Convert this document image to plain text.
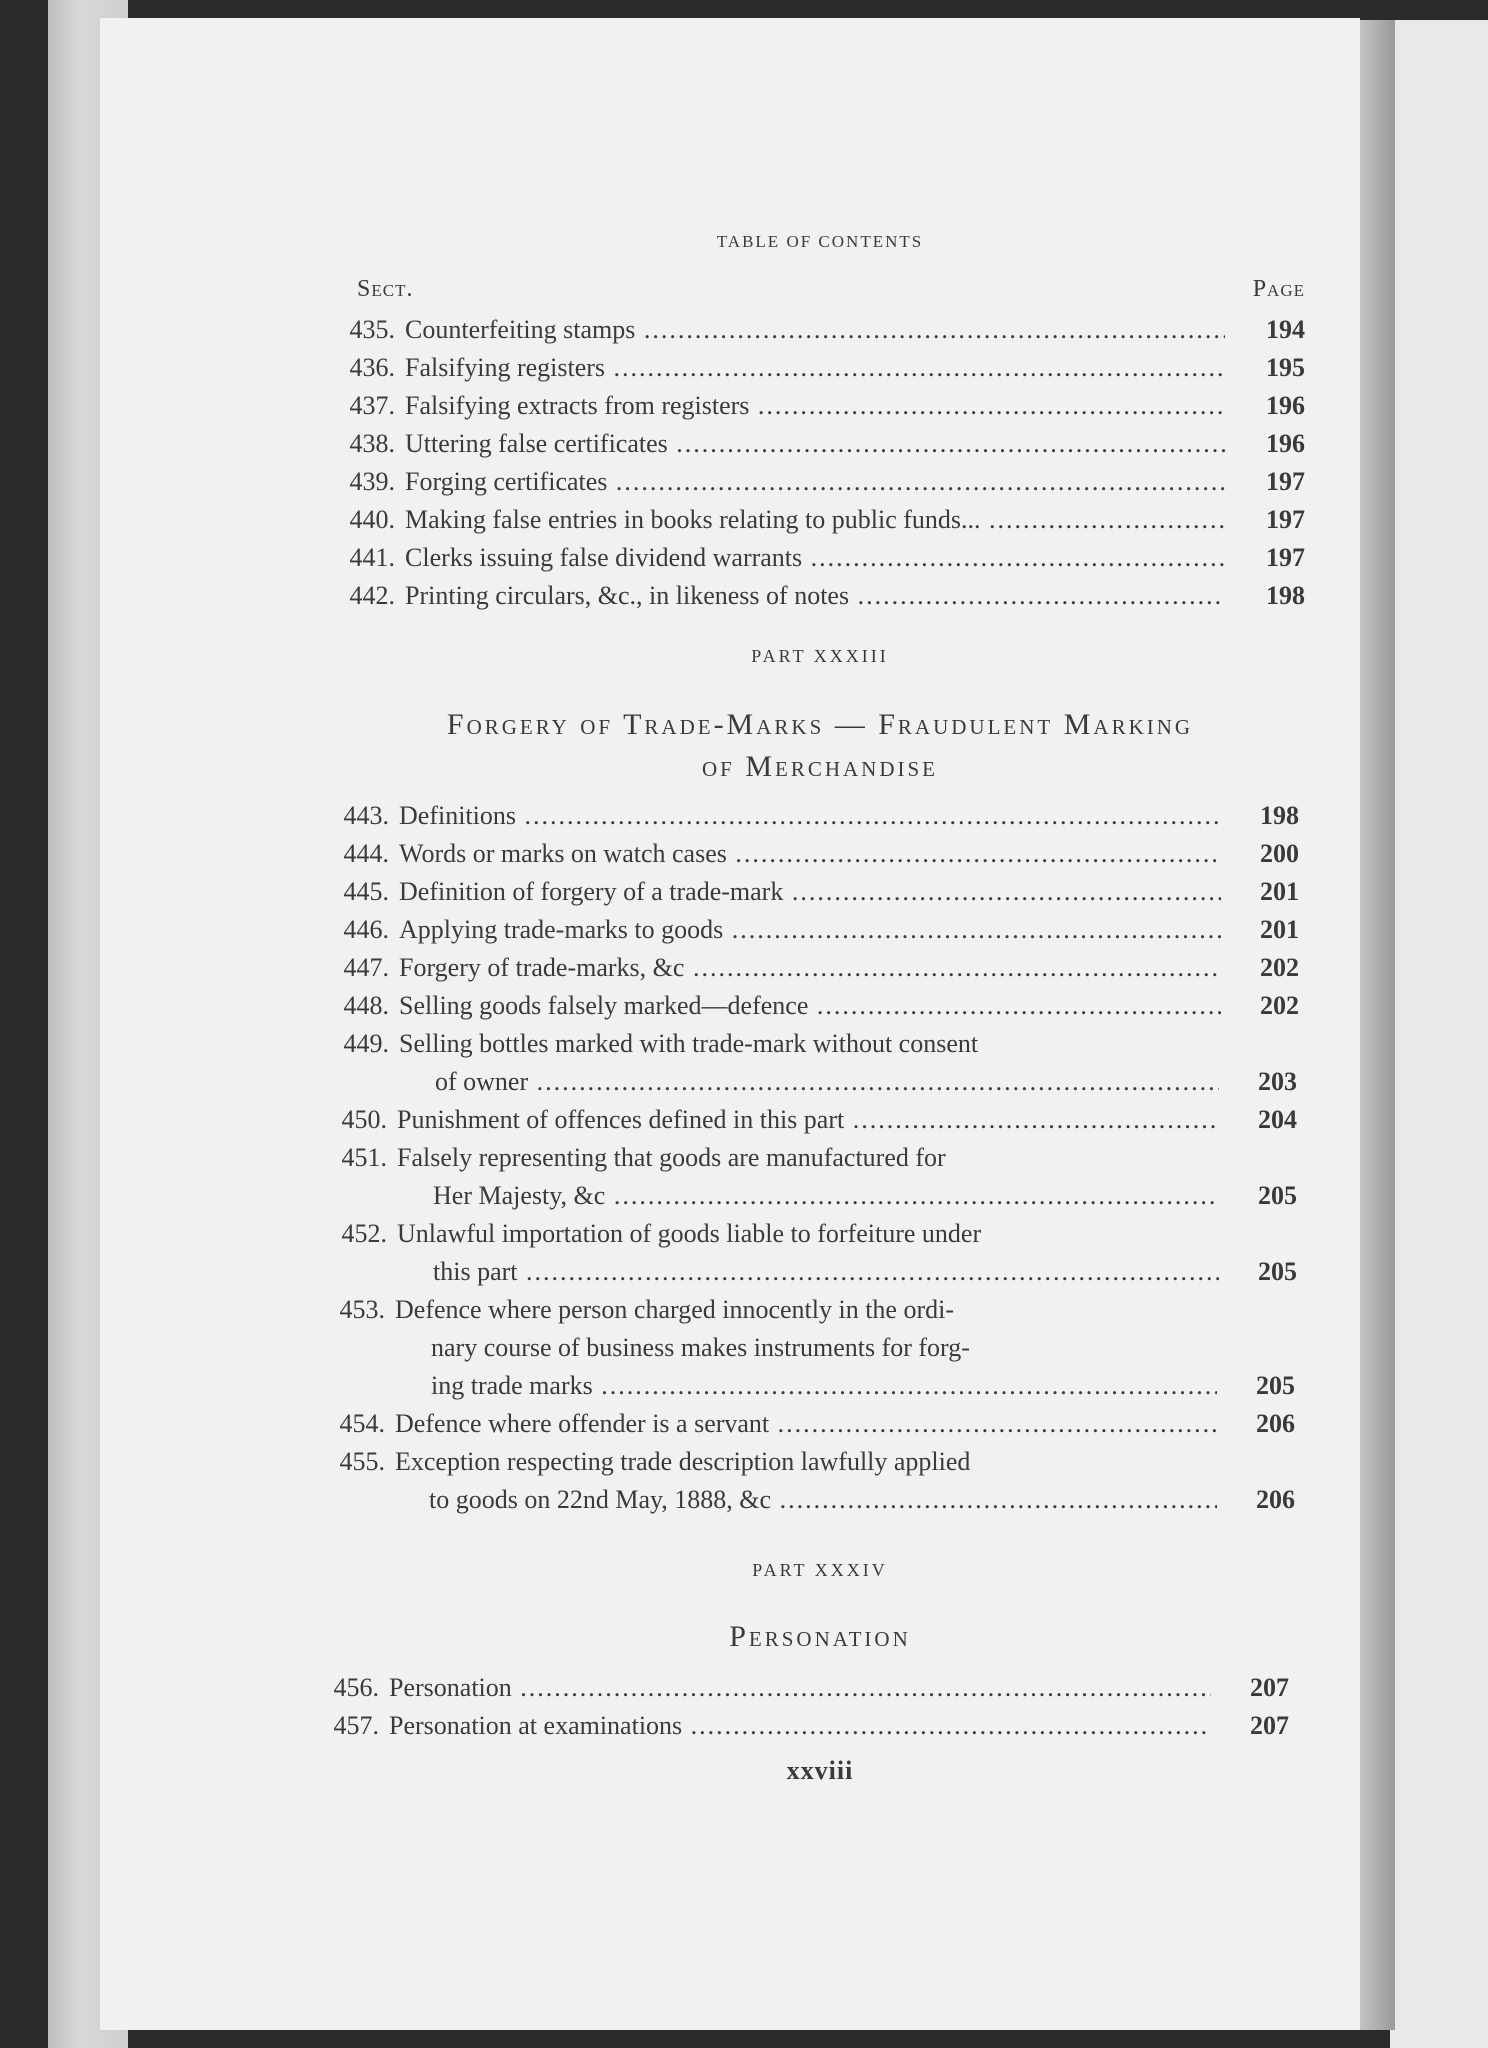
TABLE OF CONTENTS
Sect.	Page
435. Counterfeiting stamps .....	194
436. Falsifying registers .....	195
437. Falsifying extracts from registers .....	196
438. Uttering false certificates .....	196
439. Forging certificates .....	197
440. Making false entries in books relating to public funds... .....	197
441. Clerks issuing false dividend warrants .....	197
442. Printing circulars, &c., in likeness of notes .....	198
PART XXXIII
Forgery of Trade-Marks — Fraudulent Marking
of Merchandise
443. Definitions .....	198
444. Words or marks on watch cases .....	200
445. Definition of forgery of a trade-mark .....	201
446. Applying trade-marks to goods .....	201
447. Forgery of trade-marks, &c .....	202
448. Selling goods falsely marked—defence .....	202
449. Selling bottles marked with trade-mark without consent
of owner .....	203
450. Punishment of offences defined in this part .....	204
451. Falsely representing that goods are manufactured for
Her Majesty, &c .....	205
452. Unlawful importation of goods liable to forfeiture under
this part .....	205
453. Defence where person charged innocently in the ordi-
nary course of business makes instruments for forg-
ing trade marks .....	205
454. Defence where offender is a servant .....	206
455. Exception respecting trade description lawfully applied
to goods on 22nd May, 1888, &c .....	206
PART XXXIV
Personation
456. Personation .....	207
457. Personation at examinations .....	207
xxviii
